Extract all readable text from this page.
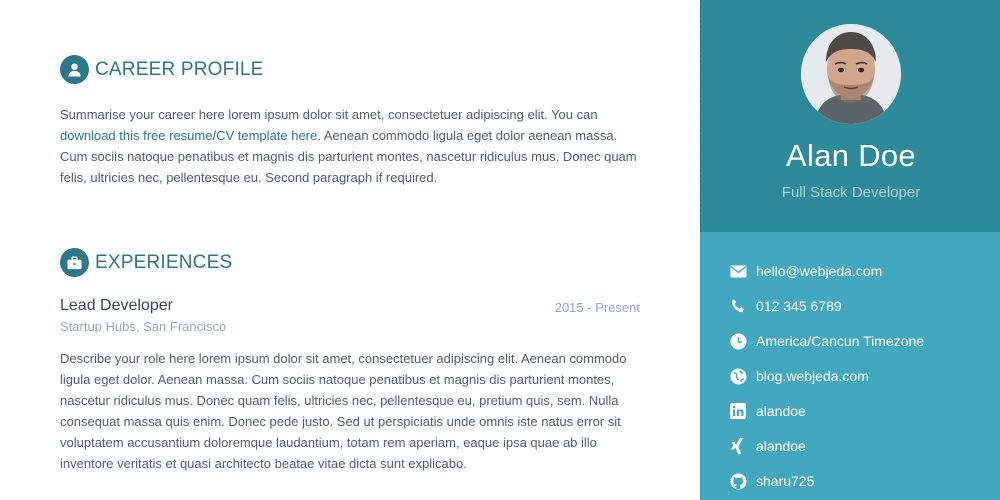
CAREER PROFILE
Summarise your career here lorem ipsum dolor sit amet, consectetuer adipiscing elit. You can download this free resume/CV template here. Aenean commodo ligula eget dolor aenean massa. Cum sociis natoque penatibus et magnis dis parturient montes, nascetur ridiculus mus. Donec quam felis, ultricies nec, pellentesque eu. Second paragraph if required.
EXPERIENCES
Lead Developer	2015 - Present
Startup Hubs, San Francisco
Describe your role here lorem ipsum dolor sit amet, consectetuer adipiscing elit. Aenean commodo ligula eget dolor. Aenean massa. Cum sociis natoque penatibus et magnis dis parturient montes, nascetur ridiculus mus. Donec quam felis, ultricies nec, pellentesque eu, pretium quis, sem. Nulla consequat massa quis enim. Donec pede justo. Sed ut perspiciatis unde omnis iste natus error sit voluptatem accusantium doloremque laudantium, totam rem aperiam, eaque ipsa quae ab illo inventore veritatis et quasi architecto beatae vitae dicta sunt explicabo.
Alan Doe
Full Stack Developer
hello@webjeda.com
012 345 6789
America/Cancun Timezone
blog.webjeda.com
alandoe
alandoe
sharu725
